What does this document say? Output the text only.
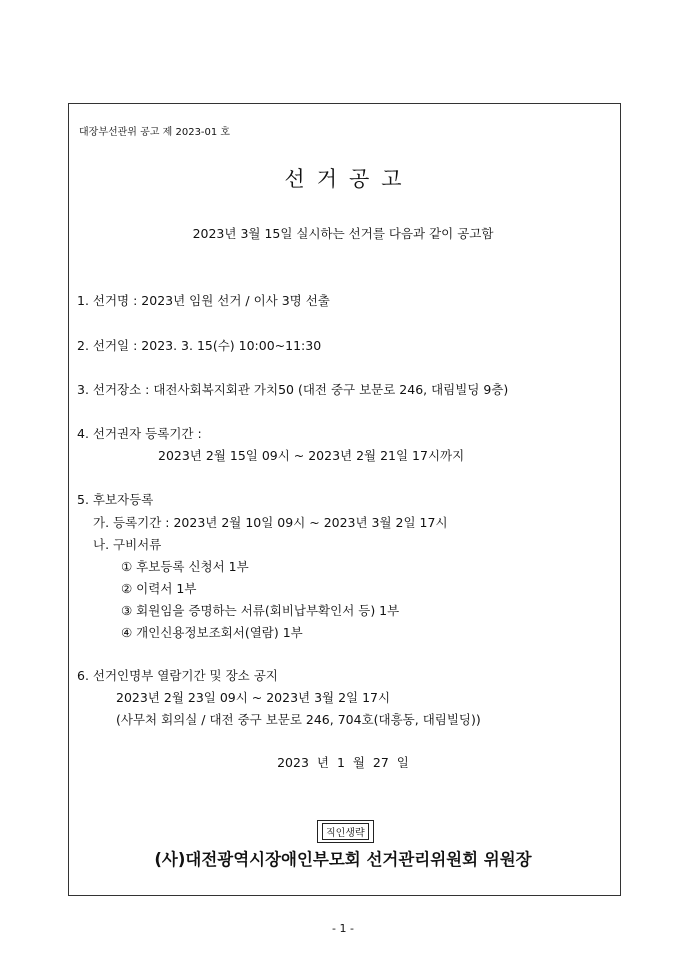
대장부선관위 공고 제 2023-01 호
선거공고
2023년 3월 15일 실시하는 선거를 다음과 같이 공고함
1. 선거명 : 2023년 임원 선거 / 이사 3명 선출
2. 선거일 : 2023. 3. 15(수) 10:00~11:30
3. 선거장소 : 대전사회복지회관 가치50 (대전 중구 보문로 246, 대림빌딩 9층)
4. 선거권자 등록기간 :
2023년 2월 15일 09시 ~ 2023년 2월 21일 17시까지
5. 후보자등록
가. 등록기간 : 2023년 2월 10일 09시 ~ 2023년 3월 2일 17시
나. 구비서류
① 후보등록 신청서 1부
② 이력서 1부
③ 회원임을 증명하는 서류(회비납부확인서 등) 1부
④ 개인신용정보조회서(열람) 1부
6. 선거인명부 열람기간 및 장소 공지
2023년 2월 23일 09시 ~ 2023년 3월 2일 17시
(사무처 회의실 / 대전 중구 보문로 246, 704호(대흥동, 대림빌딩))
2023 년 1 월 27 일
직인생략
(사)대전광역시장애인부모회 선거관리위원회 위원장
- 1 -
